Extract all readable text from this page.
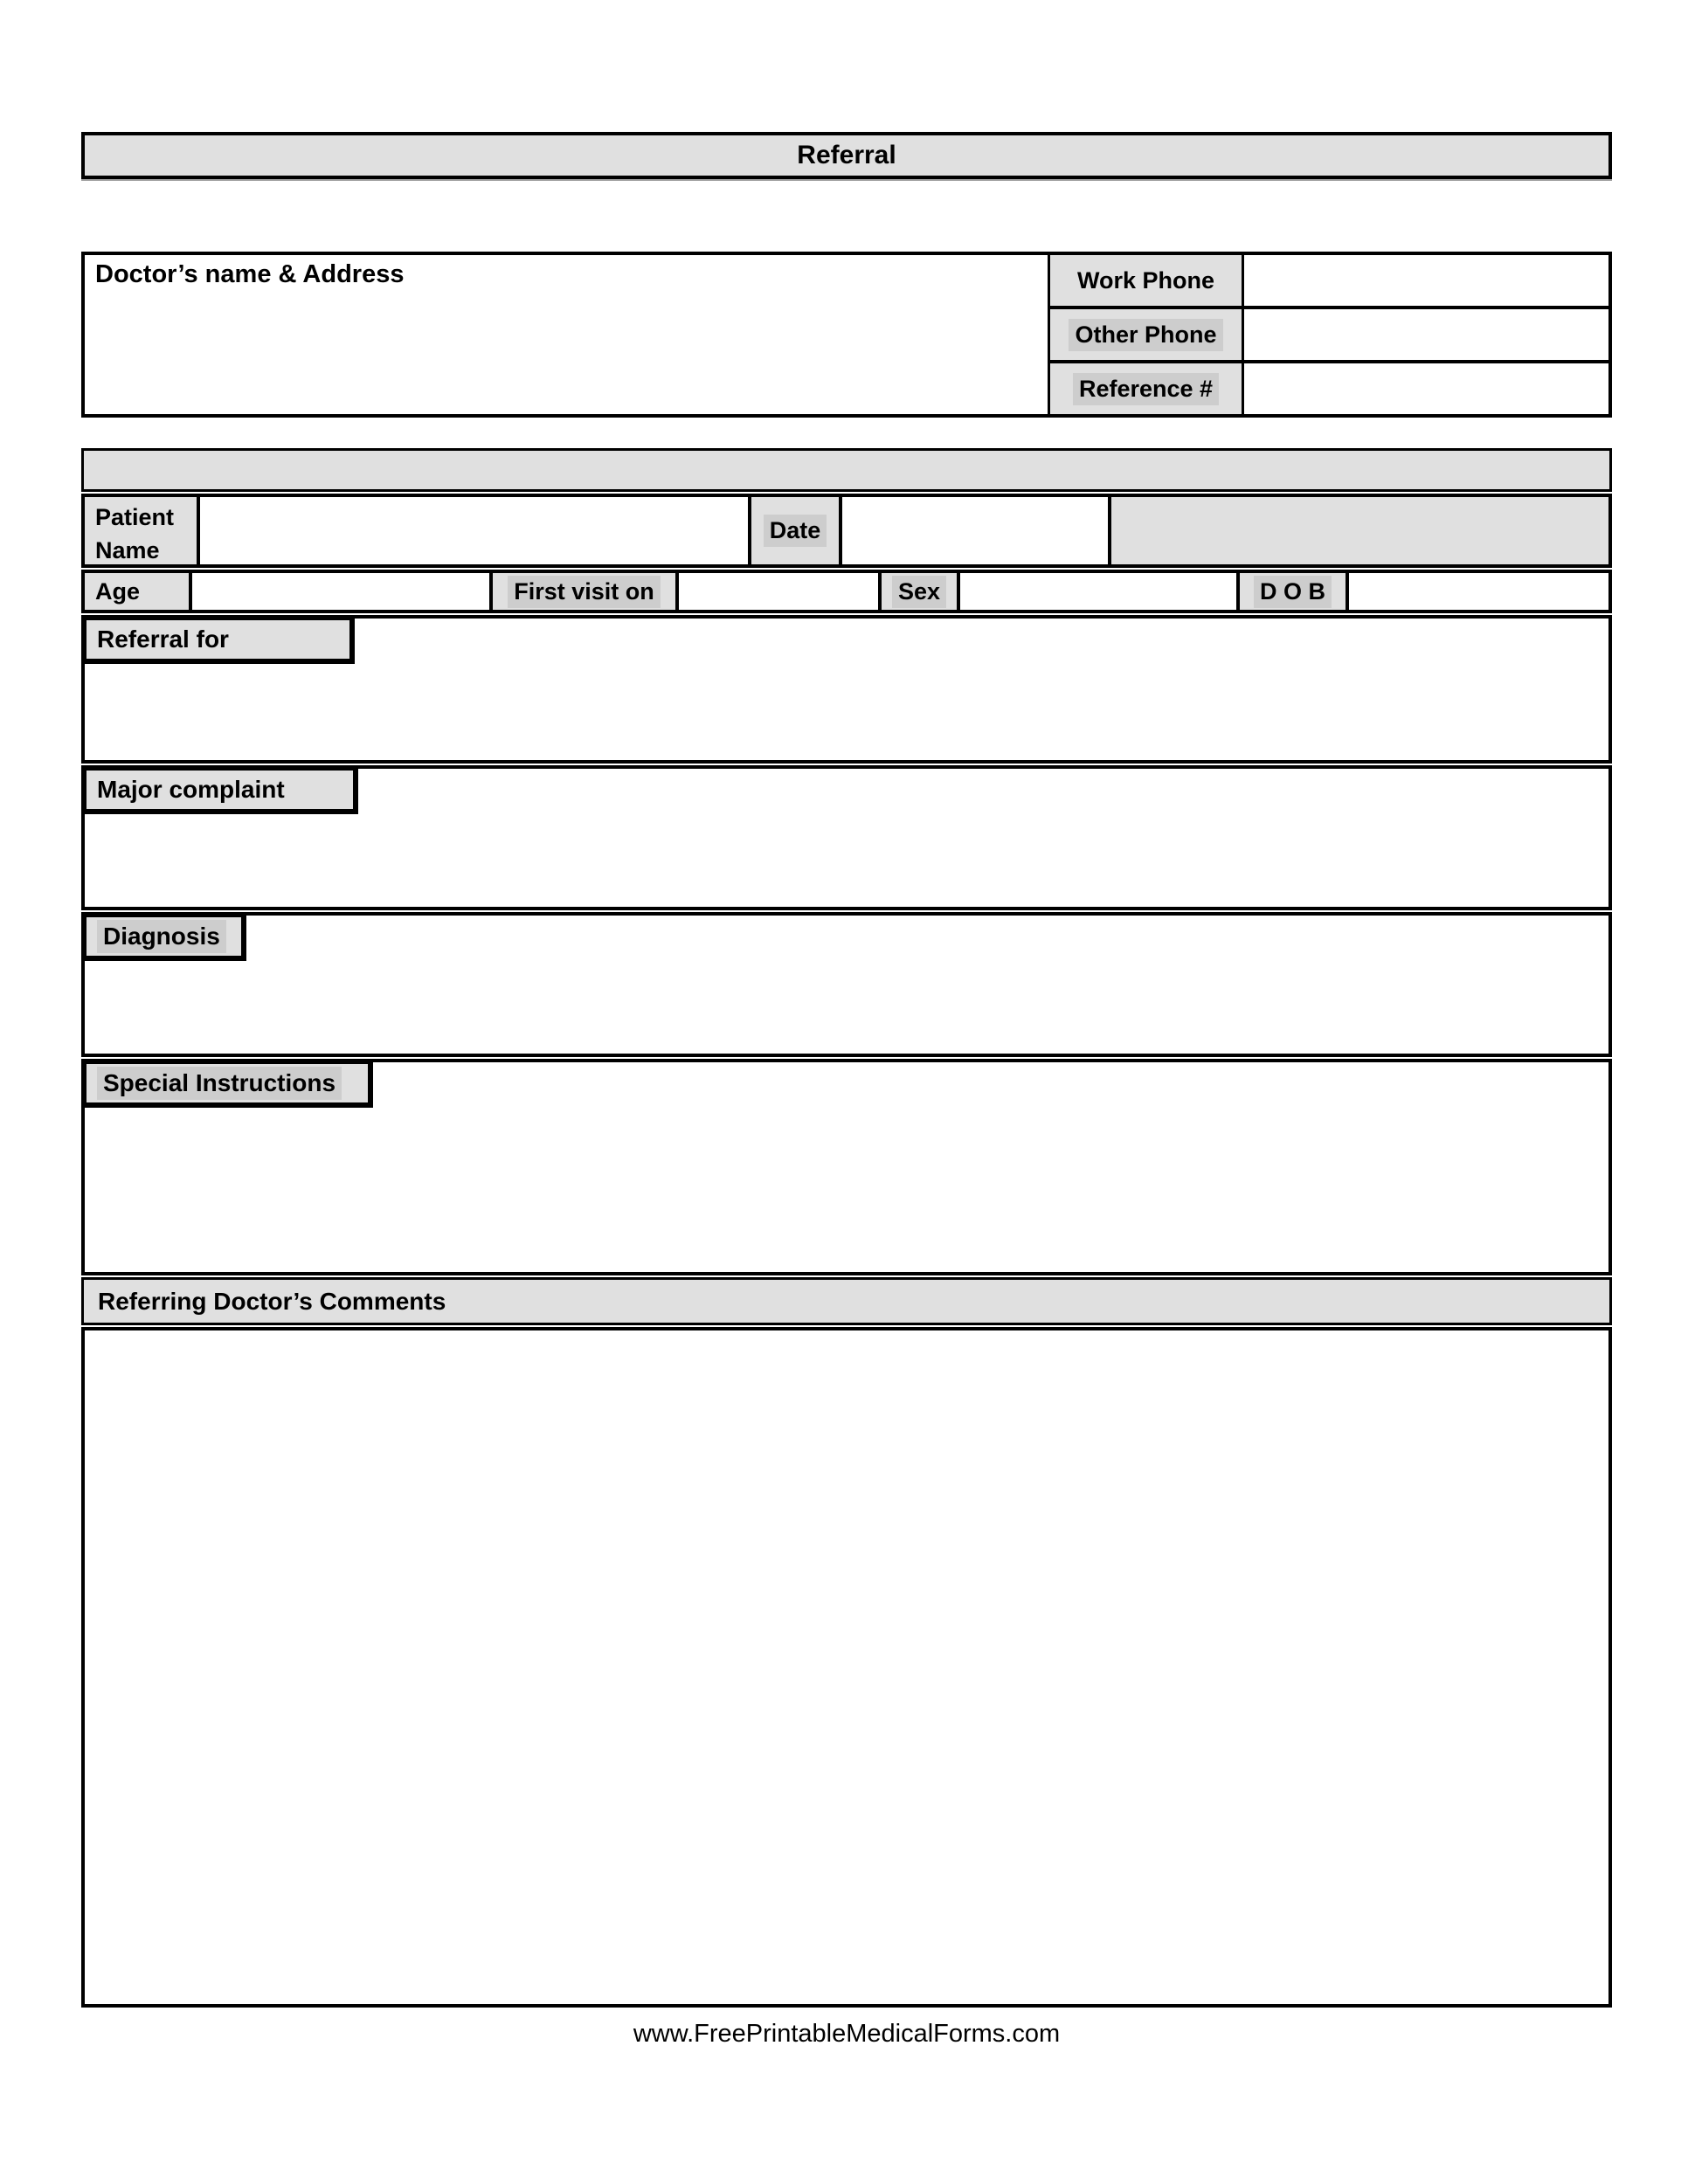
Referral
Doctor’s name & Address	Work Phone
Other Phone
Reference #
Patient Name
Date
Age	First visit on	Sex	D O B
Referral for
Major complaint
Diagnosis
Special Instructions
Referring Doctor’s Comments
www.FreePrintableMedicalForms.com
